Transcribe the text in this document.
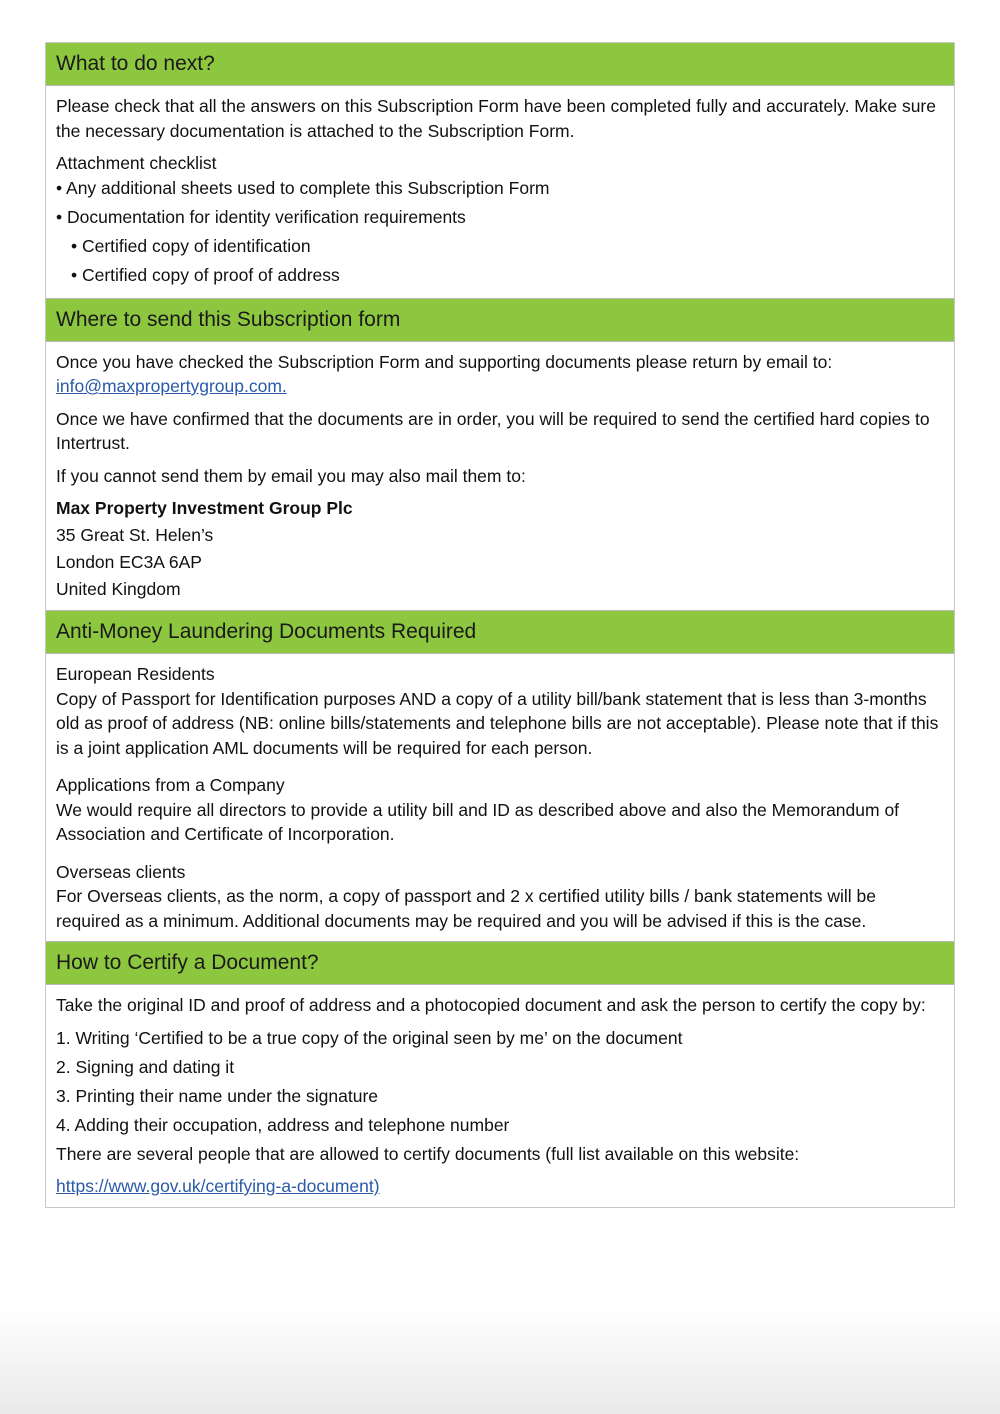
What to do next?

Please check that all the answers on this Subscription Form have been completed fully and accurately. Make sure the necessary documentation is attached to the Subscription Form.

Attachment checklist

• Any additional sheets used to complete this Subscription Form

• Documentation for identity verification requirements

• Certified copy of identification

• Certified copy of proof of address

Where to send this Subscription form

Once you have checked the Subscription Form and supporting documents please return by email to:
info@maxpropertygroup.com.

Once we have confirmed that the documents are in order, you will be required to send the certified hard copies to Intertrust.

If you cannot send them by email you may also mail them to:

Max Property Investment Group Plc

35 Great St. Helen’s

London EC3A 6AP

United Kingdom

Anti-Money Laundering Documents Required
European Residents
Copy of Passport for Identification purposes AND a copy of a utility bill/bank statement that is less than 3-months old as proof of address (NB: online bills/statements and telephone bills are not acceptable). Please note that if this is a joint application AML documents will be required for each person.
Applications from a Company
We would require all directors to provide a utility bill and ID as described above and also the Memorandum of Association and Certificate of Incorporation.
Overseas clients
For Overseas clients, as the norm, a copy of passport and 2 x certified utility bills / bank statements will be required as a minimum. Additional documents may be required and you will be advised if this is the case.
How to Certify a Document?

Take the original ID and proof of address and a photocopied document and ask the person to certify the copy by:

1. Writing ‘Certified to be a true copy of the original seen by me’ on the document

2. Signing and dating it

3. Printing their name under the signature

4. Adding their occupation, address and telephone number

There are several people that are allowed to certify documents (full list available on this website:

https://www.gov.uk/certifying-a-document)
